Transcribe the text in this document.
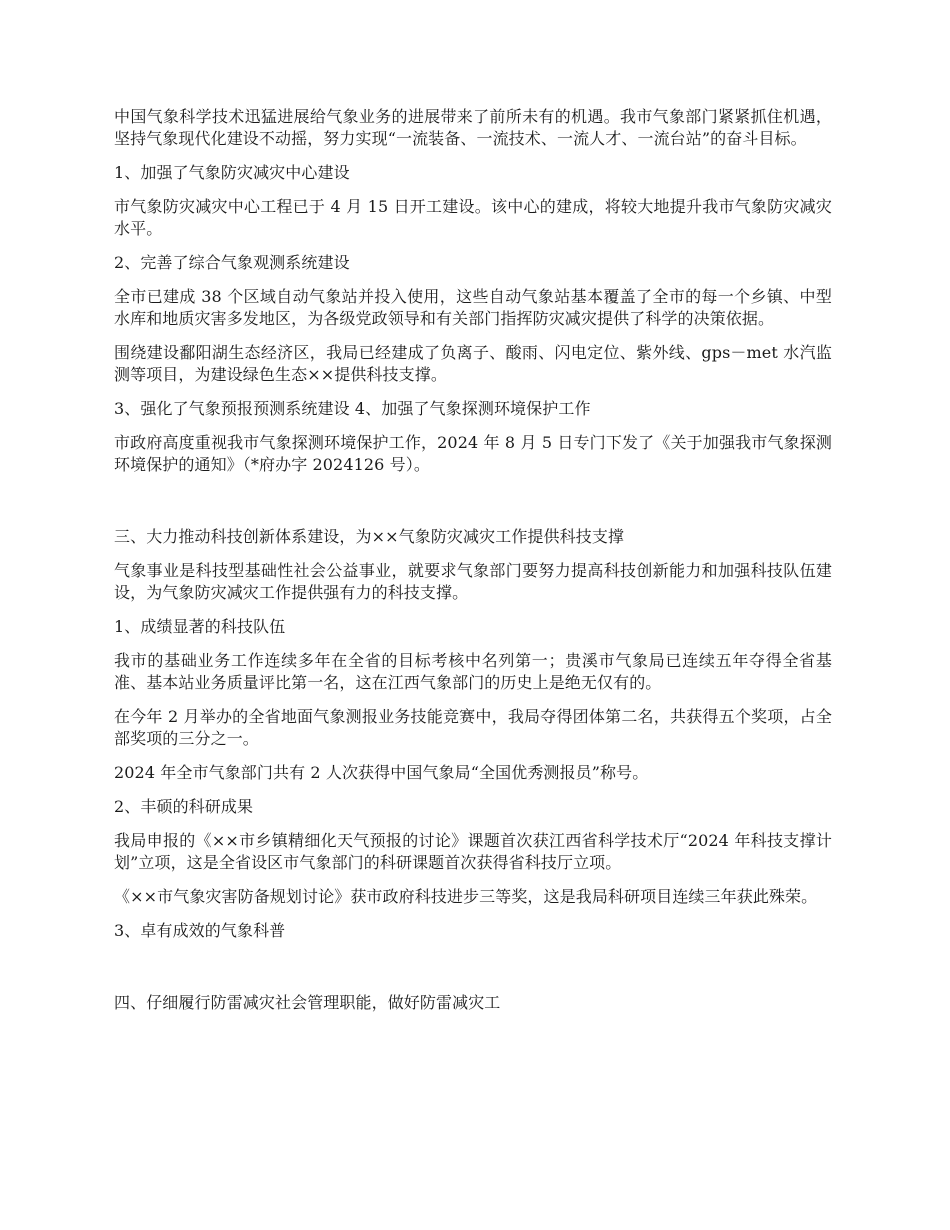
中国气象科学技术迅猛进展给气象业务的进展带来了前所未有的机遇。我市气象部门紧紧抓住机遇，坚持气象现代化建设不动摇，努力实现“一流装备、一流技术、一流人才、一流台站”的奋斗目标。

1、加强了气象防灾减灾中心建设

市气象防灾减灾中心工程已于 4 月 15 日开工建设。该中心的建成，将较大地提升我市气象防灾减灾水平。

2、完善了综合气象观测系统建设

全市已建成 38 个区域自动气象站并投入使用，这些自动气象站基本覆盖了全市的每一个乡镇、中型水库和地质灾害多发地区，为各级党政领导和有关部门指挥防灾减灾提供了科学的决策依据。

围绕建设鄱阳湖生态经济区，我局已经建成了负离子、酸雨、闪电定位、紫外线、gps－met 水汽监测等项目，为建设绿色生态××提供科技支撑。

3、强化了气象预报预测系统建设 4、加强了气象探测环境保护工作

市政府高度重视我市气象探测环境保护工作，2024 年 8 月 5 日专门下发了《关于加强我市气象探测环境保护的通知》（*府办字 2024126 号）。

三、大力推动科技创新体系建设，为××气象防灾减灾工作提供科技支撑

气象事业是科技型基础性社会公益事业，就要求气象部门要努力提高科技创新能力和加强科技队伍建设，为气象防灾减灾工作提供强有力的科技支撑。

1、成绩显著的科技队伍

我市的基础业务工作连续多年在全省的目标考核中名列第一；贵溪市气象局已连续五年夺得全省基准、基本站业务质量评比第一名，这在江西气象部门的历史上是绝无仅有的。

在今年 2 月举办的全省地面气象测报业务技能竞赛中，我局夺得团体第二名，共获得五个奖项，占全部奖项的三分之一。

2024 年全市气象部门共有 2 人次获得中国气象局“全国优秀测报员”称号。

2、丰硕的科研成果

我局申报的《××市乡镇精细化天气预报的讨论》课题首次获江西省科学技术厅“2024 年科技支撑计划”立项，这是全省设区市气象部门的科研课题首次获得省科技厅立项。

《××市气象灾害防备规划讨论》获市政府科技进步三等奖，这是我局科研项目连续三年获此殊荣。

3、卓有成效的气象科普

四、仔细履行防雷减灾社会管理职能，做好防雷减灾工
